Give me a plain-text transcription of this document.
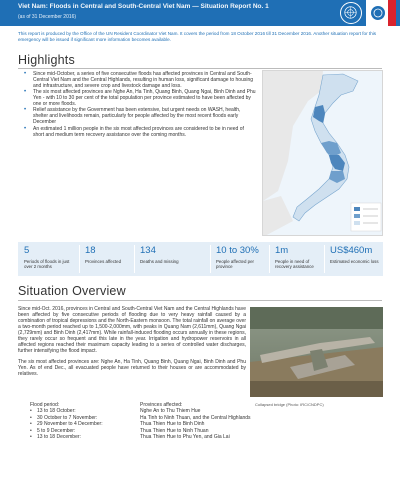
Viet Nam: Floods in Central and South-Central Viet Nam — Situation Report No. 1
(as of 31 December 2016)
This report is produced by the Office of the UN Resident Coordinator Viet Nam. It covers the period from 18 October 2016 till 31 December 2016. Another situation report for this emergency will be issued if significant more information becomes available.
Highlights
• Since mid-October, a series of five consecutive floods has affected provinces in Central and South-Central Viet Nam and the Central Highlands, resulting in human loss, significant damage to housing and infrastructure, and severe crop and livestock damage and loss.
• The six most affected provinces are Nghe An, Ha Tinh, Quang Binh, Quang Ngai, Binh Dinh and Phu Yen - with 10 to 30 per cent of the total population per province estimated to have been affected by one or more floods.
• Relief assistance by the Government has been extensive, but urgent needs on WASH, health, shelter and livelihoods remain, particularly for people affected by the most recent floods early December
• An estimated 1 million people in the six most affected provinces are considered to be in need of short and medium term recovery assistance over the coming months.
5
Periods of floods in just over 2 months
18
Provinces affected
134
Deaths and missing
10 to 30%
People affected per province
1m
People in need of recovery assistance
US$460m
Estimated economic loss
Situation Overview

Since mid-Oct. 2016, provinces in Central and South-Central Viet Nam and the Central Highlands have been affected by five consecutive periods of flooding due to very heavy rainfall caused by a combination of tropical depressions and the North-Eastern monsoon. The total rainfall on average over a two-month period reached up to 1,500-2,000mm, with peaks in Quang Nam (2,611mm), Quang Ngai (2,729mm) and Binh Dinh (2,417mm). While rainfall-induced flooding occurs annually in these regions, they rarely occur so frequent and this late in the year. Irrigation and hydropower reservoirs in all affected regions reached their maximum capacity leading to a series of controlled water discharges, further intensifying the flood impact.

The six most affected provinces are: Nghe An, Ha Tinh, Quang Binh, Quang Ngai, Binh Dinh and Phu Yen. As of end Dec., all evacuated people have returned to their houses or are accommodated by relatives.

Collapsed bridge (Photo: IRC/CNDPC)
Flood period:	Provinces affected:
• 13 to 18 October:	Nghe An to Thu Thiem Hue
• 30 October to 7 November:	Ha Tinh to Ninh Thuan, and the Central Highlands
• 29 November to 4 December:	Thua Thien Hue to Binh Dinh
• 5 to 9 December:	Thua Thien Hue to Ninh Thuan
• 13 to 18 December:	Thua Thien Hue to Phu Yen, and Gia Lai
